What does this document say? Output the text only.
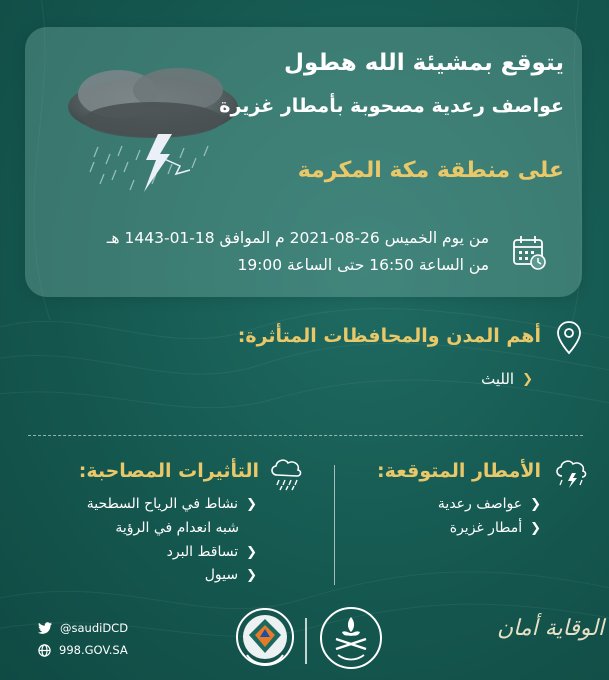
يتوقع بمشيئة الله هطول
عواصف رعدية مصحوبة بأمطار غزيرة
على منطقة مكة المكرمة
من يوم الخميس 26-08-2021 م الموافق 18-01-1443 هـ
من الساعة 16:50 حتى الساعة 19:00
أهم المدن والمحافظات المتأثرة:
❮
الليث
الأمطار المتوقعة:
❮
عواصف رعدية
❮
أمطار غزيرة
التأثيرات المصاحبة:
❮
نشاط في الرياح السطحية
شبه انعدام في الرؤية
❮
تساقط البرد
❮
سيول
@saudiDCD
998.GOV.SA
الوقاية أمان
